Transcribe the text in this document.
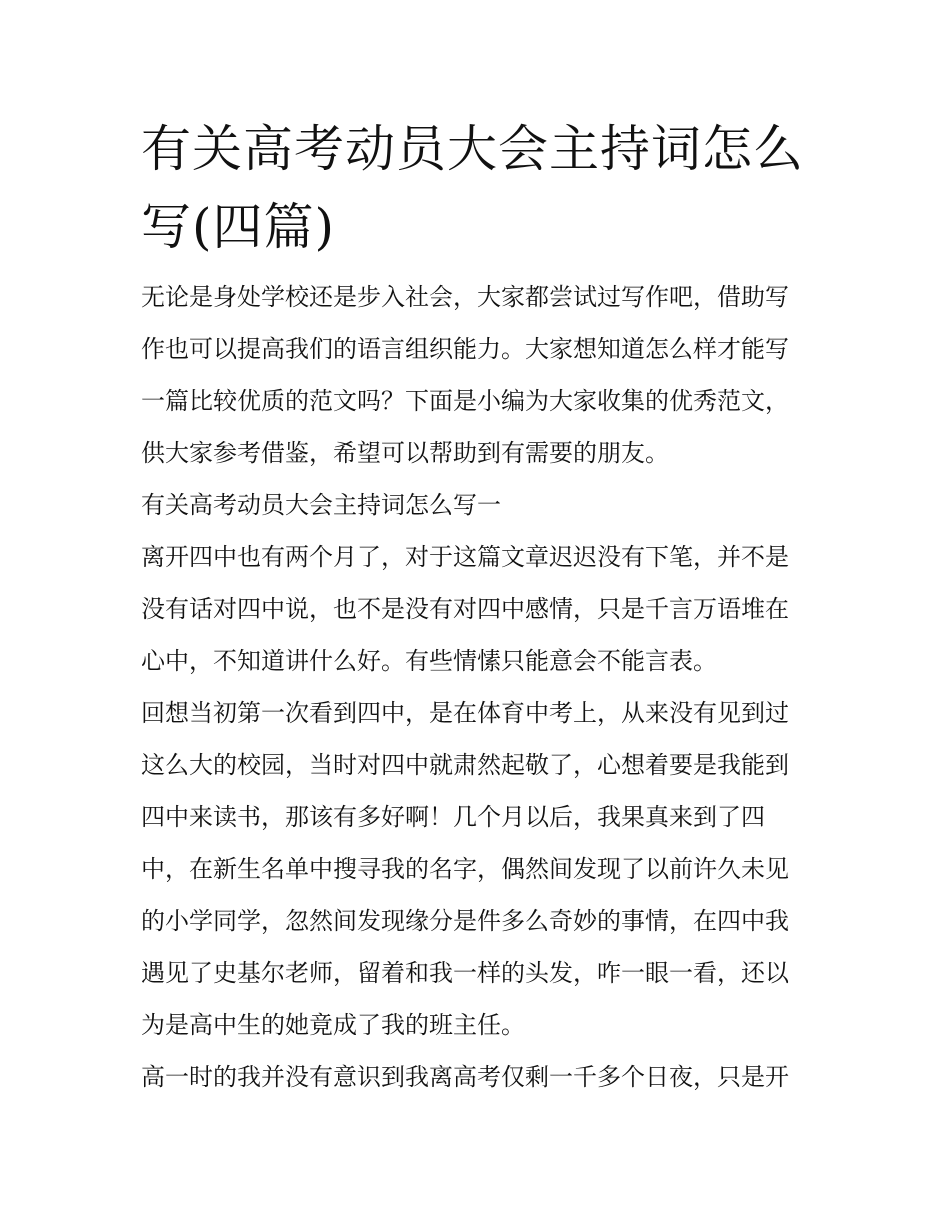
有关高考动员大会主持词怎么
写(四篇)
无论是身处学校还是步入社会，大家都尝试过写作吧，借助写
作也可以提高我们的语言组织能力。大家想知道怎么样才能写
一篇比较优质的范文吗？下面是小编为大家收集的优秀范文，
供大家参考借鉴，希望可以帮助到有需要的朋友。
有关高考动员大会主持词怎么写一
离开四中也有两个月了，对于这篇文章迟迟没有下笔，并不是
没有话对四中说，也不是没有对四中感情，只是千言万语堆在
心中，不知道讲什么好。有些情愫只能意会不能言表。
回想当初第一次看到四中，是在体育中考上，从来没有见到过
这么大的校园，当时对四中就肃然起敬了，心想着要是我能到
四中来读书，那该有多好啊！几个月以后，我果真来到了四
中，在新生名单中搜寻我的名字，偶然间发现了以前许久未见
的小学同学，忽然间发现缘分是件多么奇妙的事情，在四中我
遇见了史基尔老师，留着和我一样的头发，咋一眼一看，还以
为是高中生的她竟成了我的班主任。
高一时的我并没有意识到我离高考仅剩一千多个日夜，只是开
